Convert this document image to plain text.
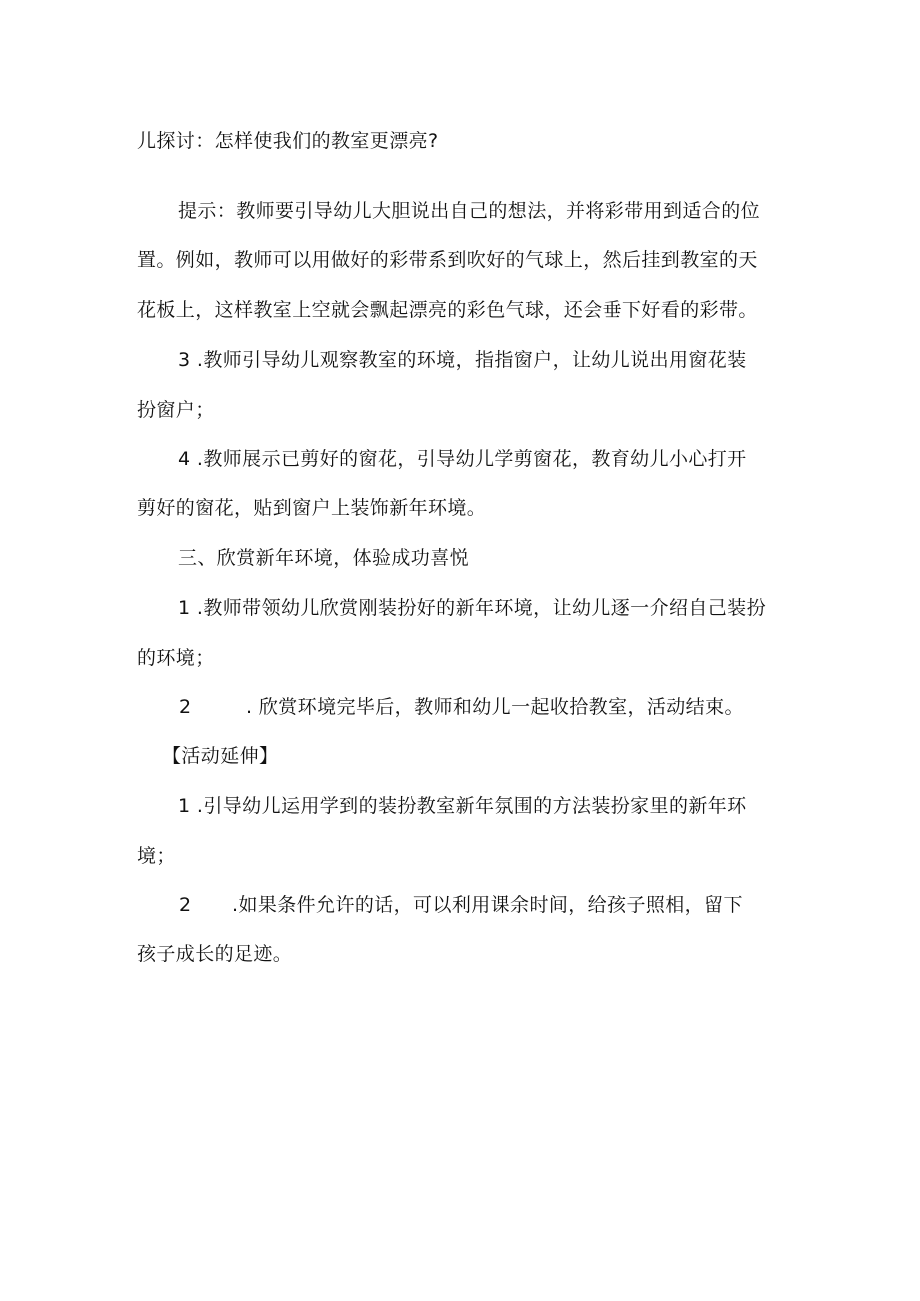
儿探讨：怎样使我们的教室更漂亮?
提示：教师要引导幼儿大胆说出自己的想法，并将彩带用到适合的位
置。例如，教师可以用做好的彩带系到吹好的气球上，然后挂到教室的天
花板上，这样教室上空就会飘起漂亮的彩色气球，还会垂下好看的彩带。
3 .教师引导幼儿观察教室的环境，指指窗户，让幼儿说出用窗花装
扮窗户；
4 .教师展示已剪好的窗花，引导幼儿学剪窗花，教育幼儿小心打开
剪好的窗花，贴到窗户上装饰新年环境。
三、欣赏新年环境，体验成功喜悦
1 .教师带领幼儿欣赏刚装扮好的新年环境，让幼儿逐一介绍自己装扮
的环境；
2	. 欣赏环境完毕后，教师和幼儿一起收拾教室，活动结束。
【活动延伸】
1 .引导幼儿运用学到的装扮教室新年氛围的方法装扮家里的新年环
境；
2 .如果条件允许的话，可以利用课余时间，给孩子照相，留下
孩子成长的足迹。
